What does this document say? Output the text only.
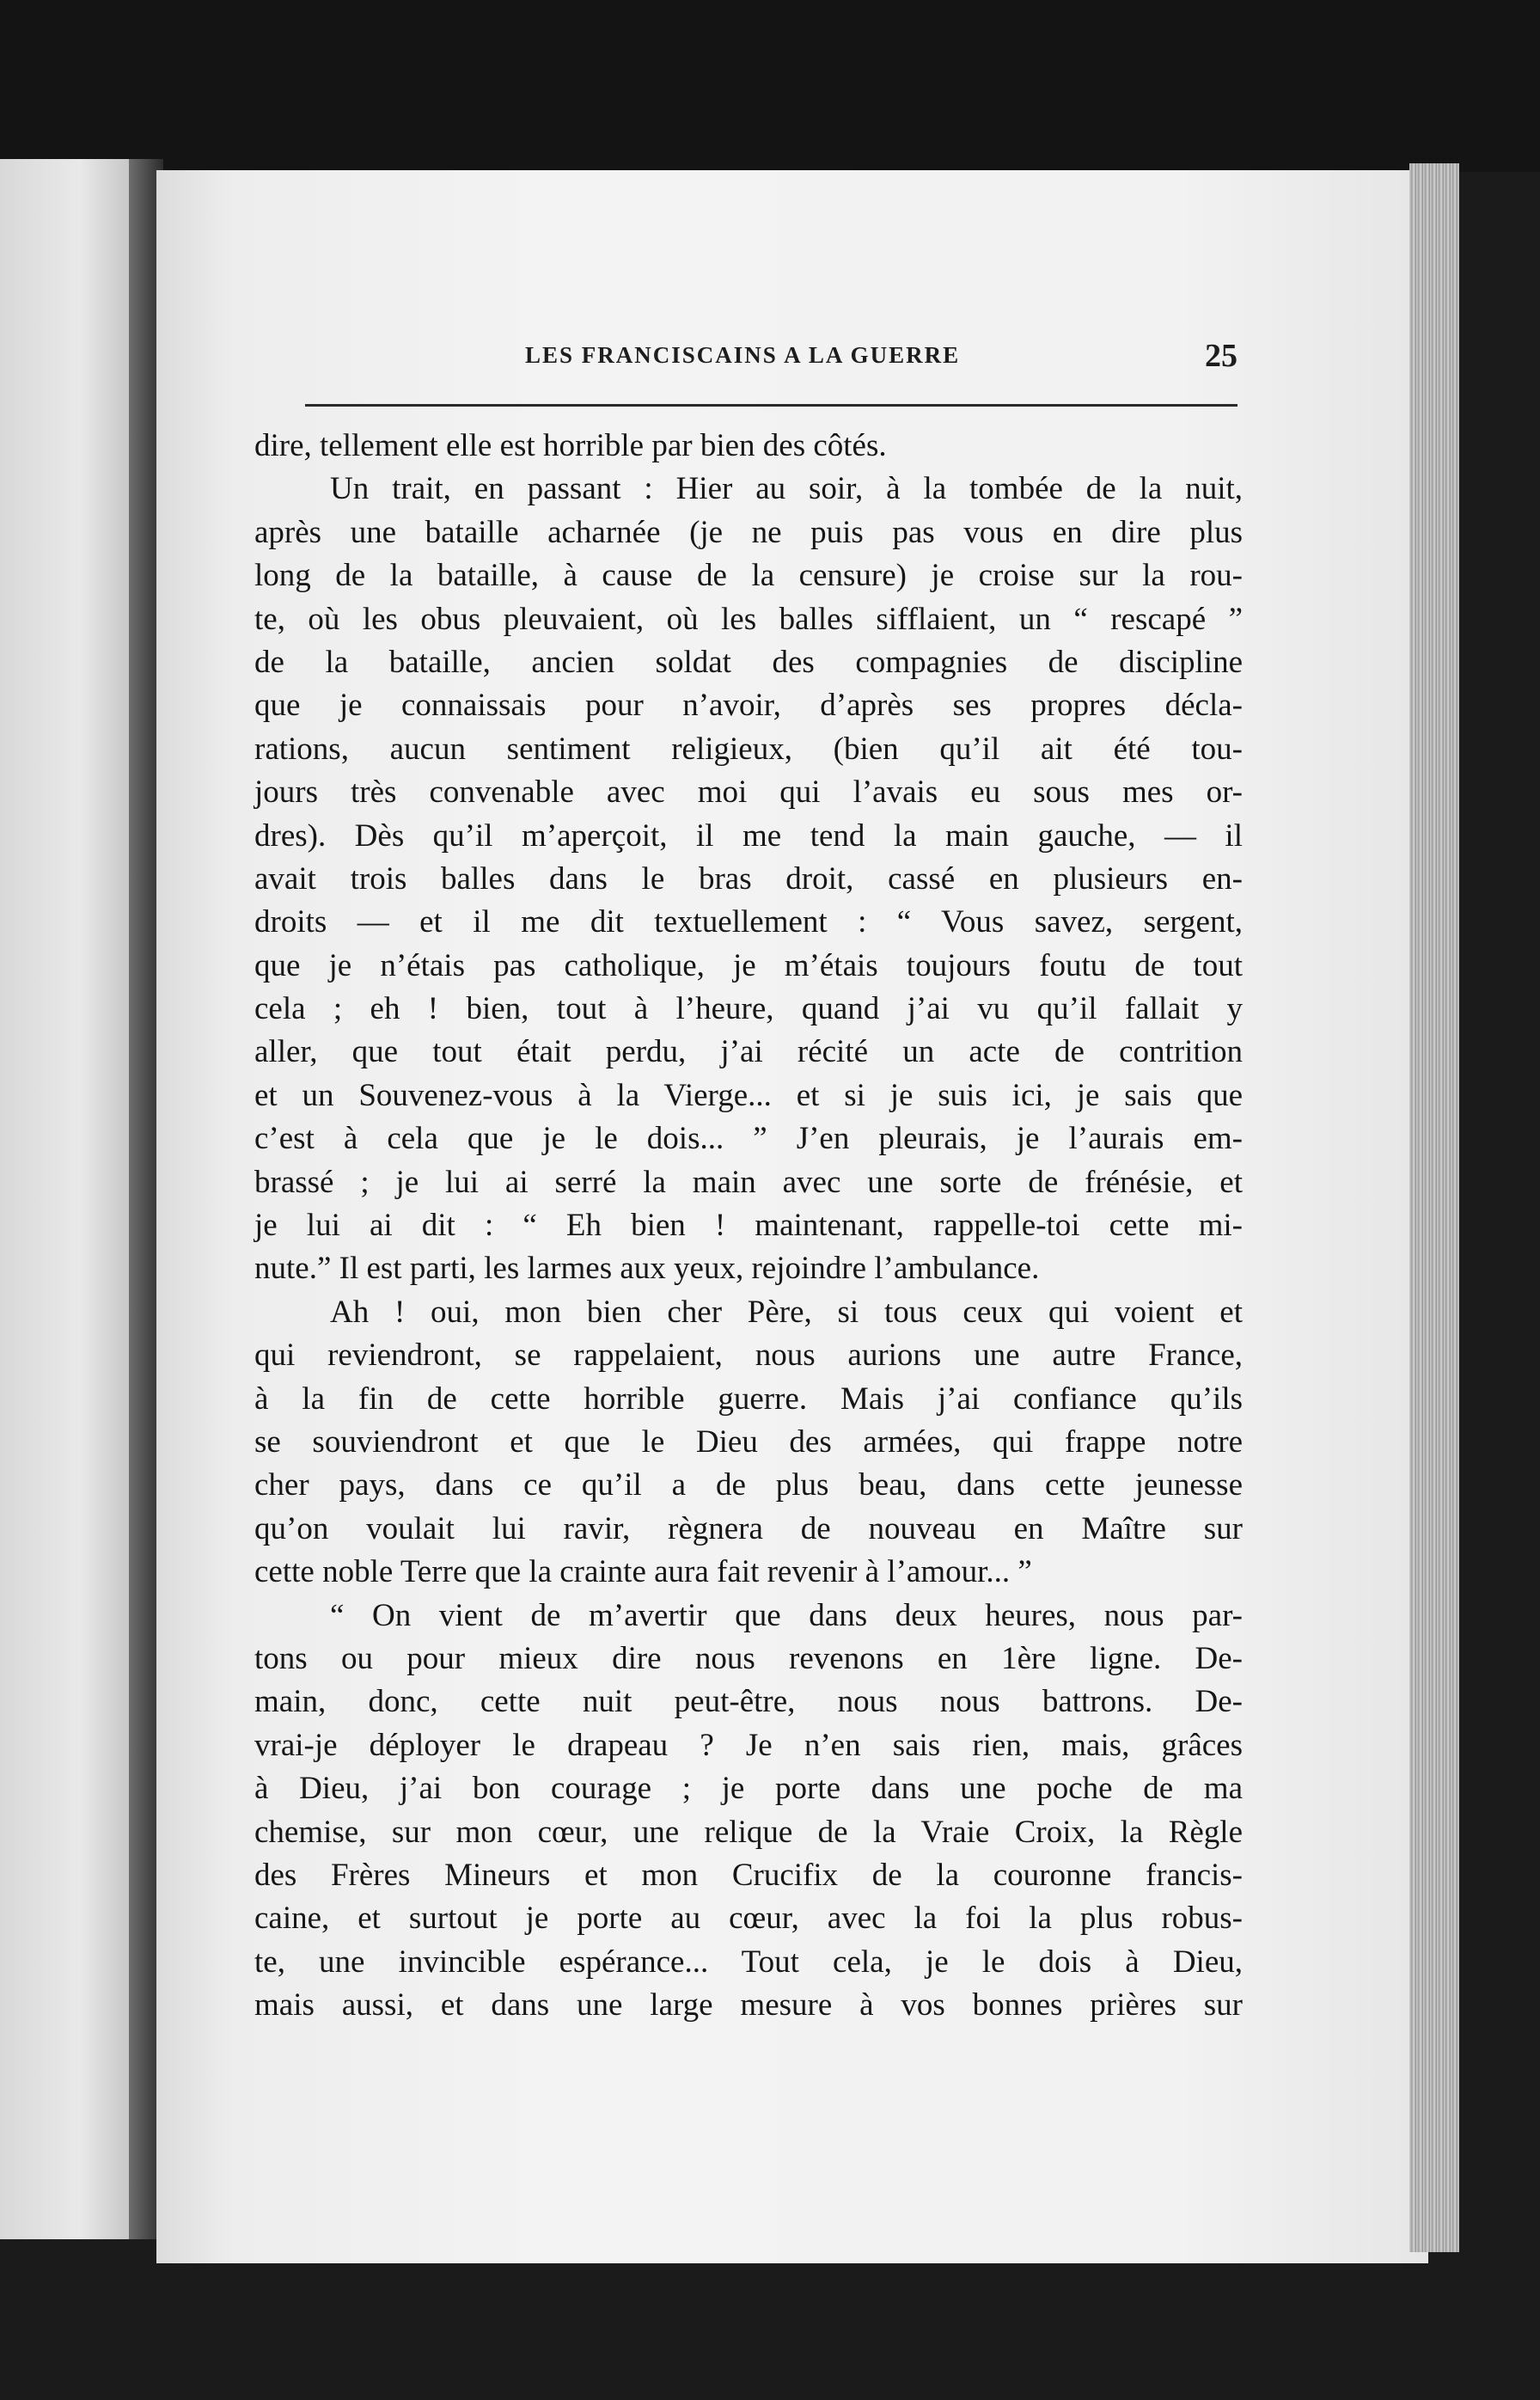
LES FRANCISCAINS A LA GUERRE	25
dire, tellement elle est horrible par bien des côtés.
Un trait, en passant : Hier au soir, à la tombée de la nuit,
après une bataille acharnée (je ne puis pas vous en dire plus
long de la bataille, à cause de la censure) je croise sur la rou-
te, où les obus pleuvaient, où les balles sifflaient, un “ rescapé ”
de la bataille, ancien soldat des compagnies de discipline
que je connaissais pour n’avoir, d’après ses propres décla-
rations, aucun sentiment religieux, (bien qu’il ait été tou-
jours très convenable avec moi qui l’avais eu sous mes or-
dres). Dès qu’il m’aperçoit, il me tend la main gauche, — il
avait trois balles dans le bras droit, cassé en plusieurs en-
droits — et il me dit textuellement : “ Vous savez, sergent,
que je n’étais pas catholique, je m’étais toujours foutu de tout
cela ; eh ! bien, tout à l’heure, quand j’ai vu qu’il fallait y
aller, que tout était perdu, j’ai récité un acte de contrition
et un Souvenez-vous à la Vierge... et si je suis ici, je sais que
c’est à cela que je le dois... ” J’en pleurais, je l’aurais em-
brassé ; je lui ai serré la main avec une sorte de frénésie, et
je lui ai dit : “ Eh bien ! maintenant, rappelle-toi cette mi-
nute.” Il est parti, les larmes aux yeux, rejoindre l’ambulance.
Ah ! oui, mon bien cher Père, si tous ceux qui voient et
qui reviendront, se rappelaient, nous aurions une autre France,
à la fin de cette horrible guerre. Mais j’ai confiance qu’ils
se souviendront et que le Dieu des armées, qui frappe notre
cher pays, dans ce qu’il a de plus beau, dans cette jeunesse
qu’on voulait lui ravir, règnera de nouveau en Maître sur
cette noble Terre que la crainte aura fait revenir à l’amour... ”
“ On vient de m’avertir que dans deux heures, nous par-
tons ou pour mieux dire nous revenons en 1ère ligne. De-
main, donc, cette nuit peut-être, nous nous battrons. De-
vrai-je déployer le drapeau ? Je n’en sais rien, mais, grâces
à Dieu, j’ai bon courage ; je porte dans une poche de ma
chemise, sur mon cœur, une relique de la Vraie Croix, la Règle
des Frères Mineurs et mon Crucifix de la couronne francis-
caine, et surtout je porte au cœur, avec la foi la plus robus-
te, une invincible espérance... Tout cela, je le dois à Dieu,
mais aussi, et dans une large mesure à vos bonnes prières sur
